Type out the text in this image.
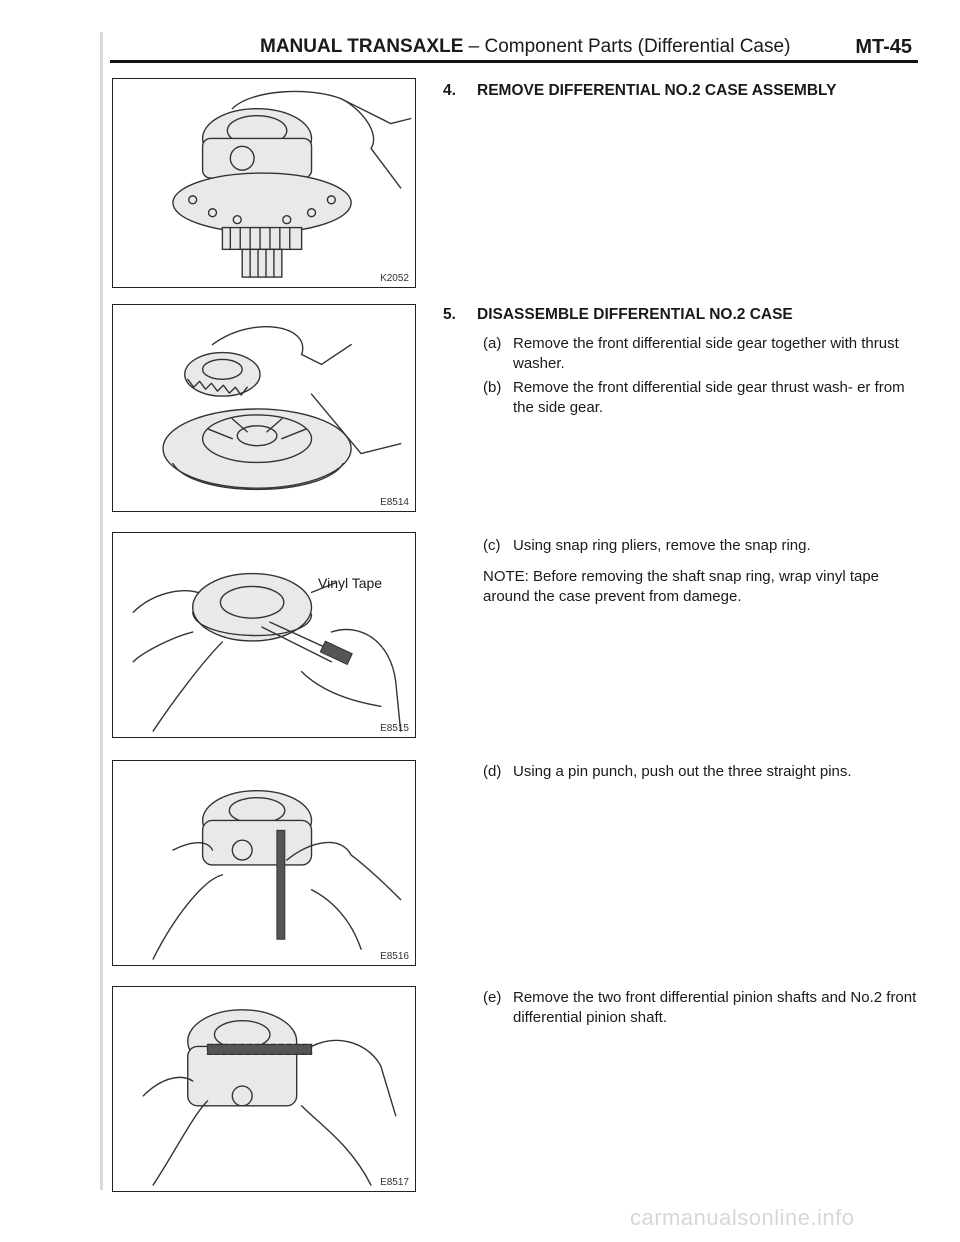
MANUAL TRANSAXLE – Component Parts (Differential Case)	MT-45
K2052
E8514
Vinyl Tape
E8515
E8516
E8517
4. REMOVE DIFFERENTIAL NO.2 CASE ASSEMBLY
5. DISASSEMBLE DIFFERENTIAL NO.2 CASE
(a) Remove the front differential side gear together with thrust washer.
(b) Remove the front differential side gear thrust wash- er from the side gear.
(c) Using snap ring pliers, remove the snap ring.
NOTE: Before removing the shaft snap ring, wrap vinyl tape around the case prevent from damege.
(d) Using a pin punch, push out the three straight pins.
(e) Remove the two front differential pinion shafts and No.2 front differential pinion shaft.
carmanualsonline.info
